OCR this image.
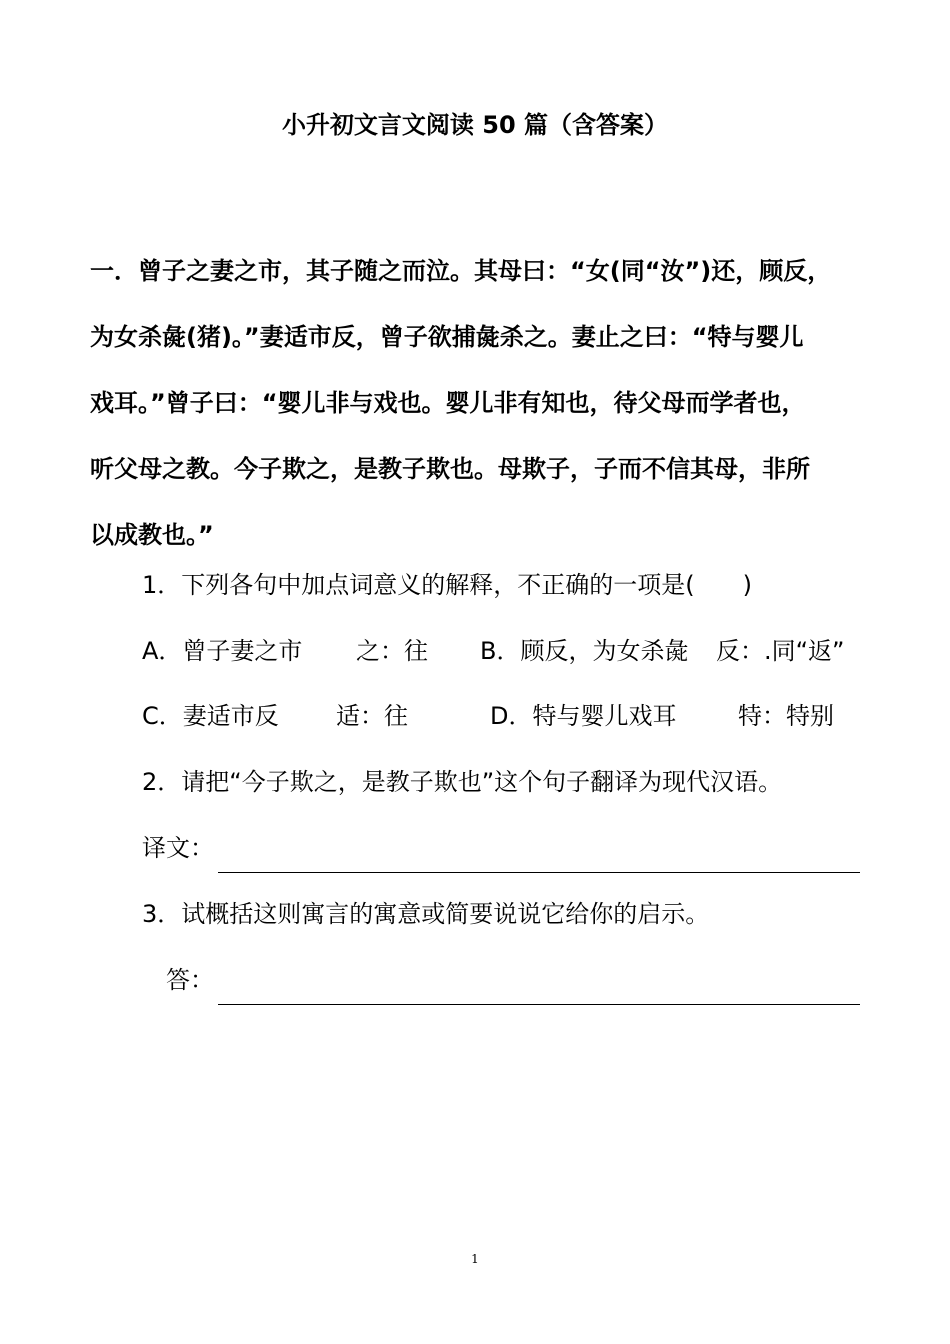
小升初文言文阅读 50 篇（含答案）
一．曾子之妻之市，其子随之而泣。其母曰：“女(同“汝”)还，顾反，
为女杀彘(猪)。”妻适市反，曾子欲捕彘杀之。妻止之曰：“特与婴儿
戏耳。”曾子曰：“婴儿非与戏也。婴儿非有知也，待父母而学者也，
听父母之教。今子欺之，是教子欺也。母欺子，子而不信其母，非所
以成教也。”
1．下列各句中加点词意义的解释，不正确的一项是(　　)
A．曾子妻之市 之：往 B．顾反，为女杀彘 反：.同“返”
C．妻适市反 适：往	D．特与婴儿戏耳	特：特别
2．请把“今子欺之，是教子欺也”这个句子翻译为现代汉语。
译文：
3．试概括这则寓言的寓意或简要说说它给你的启示。
答：
1
